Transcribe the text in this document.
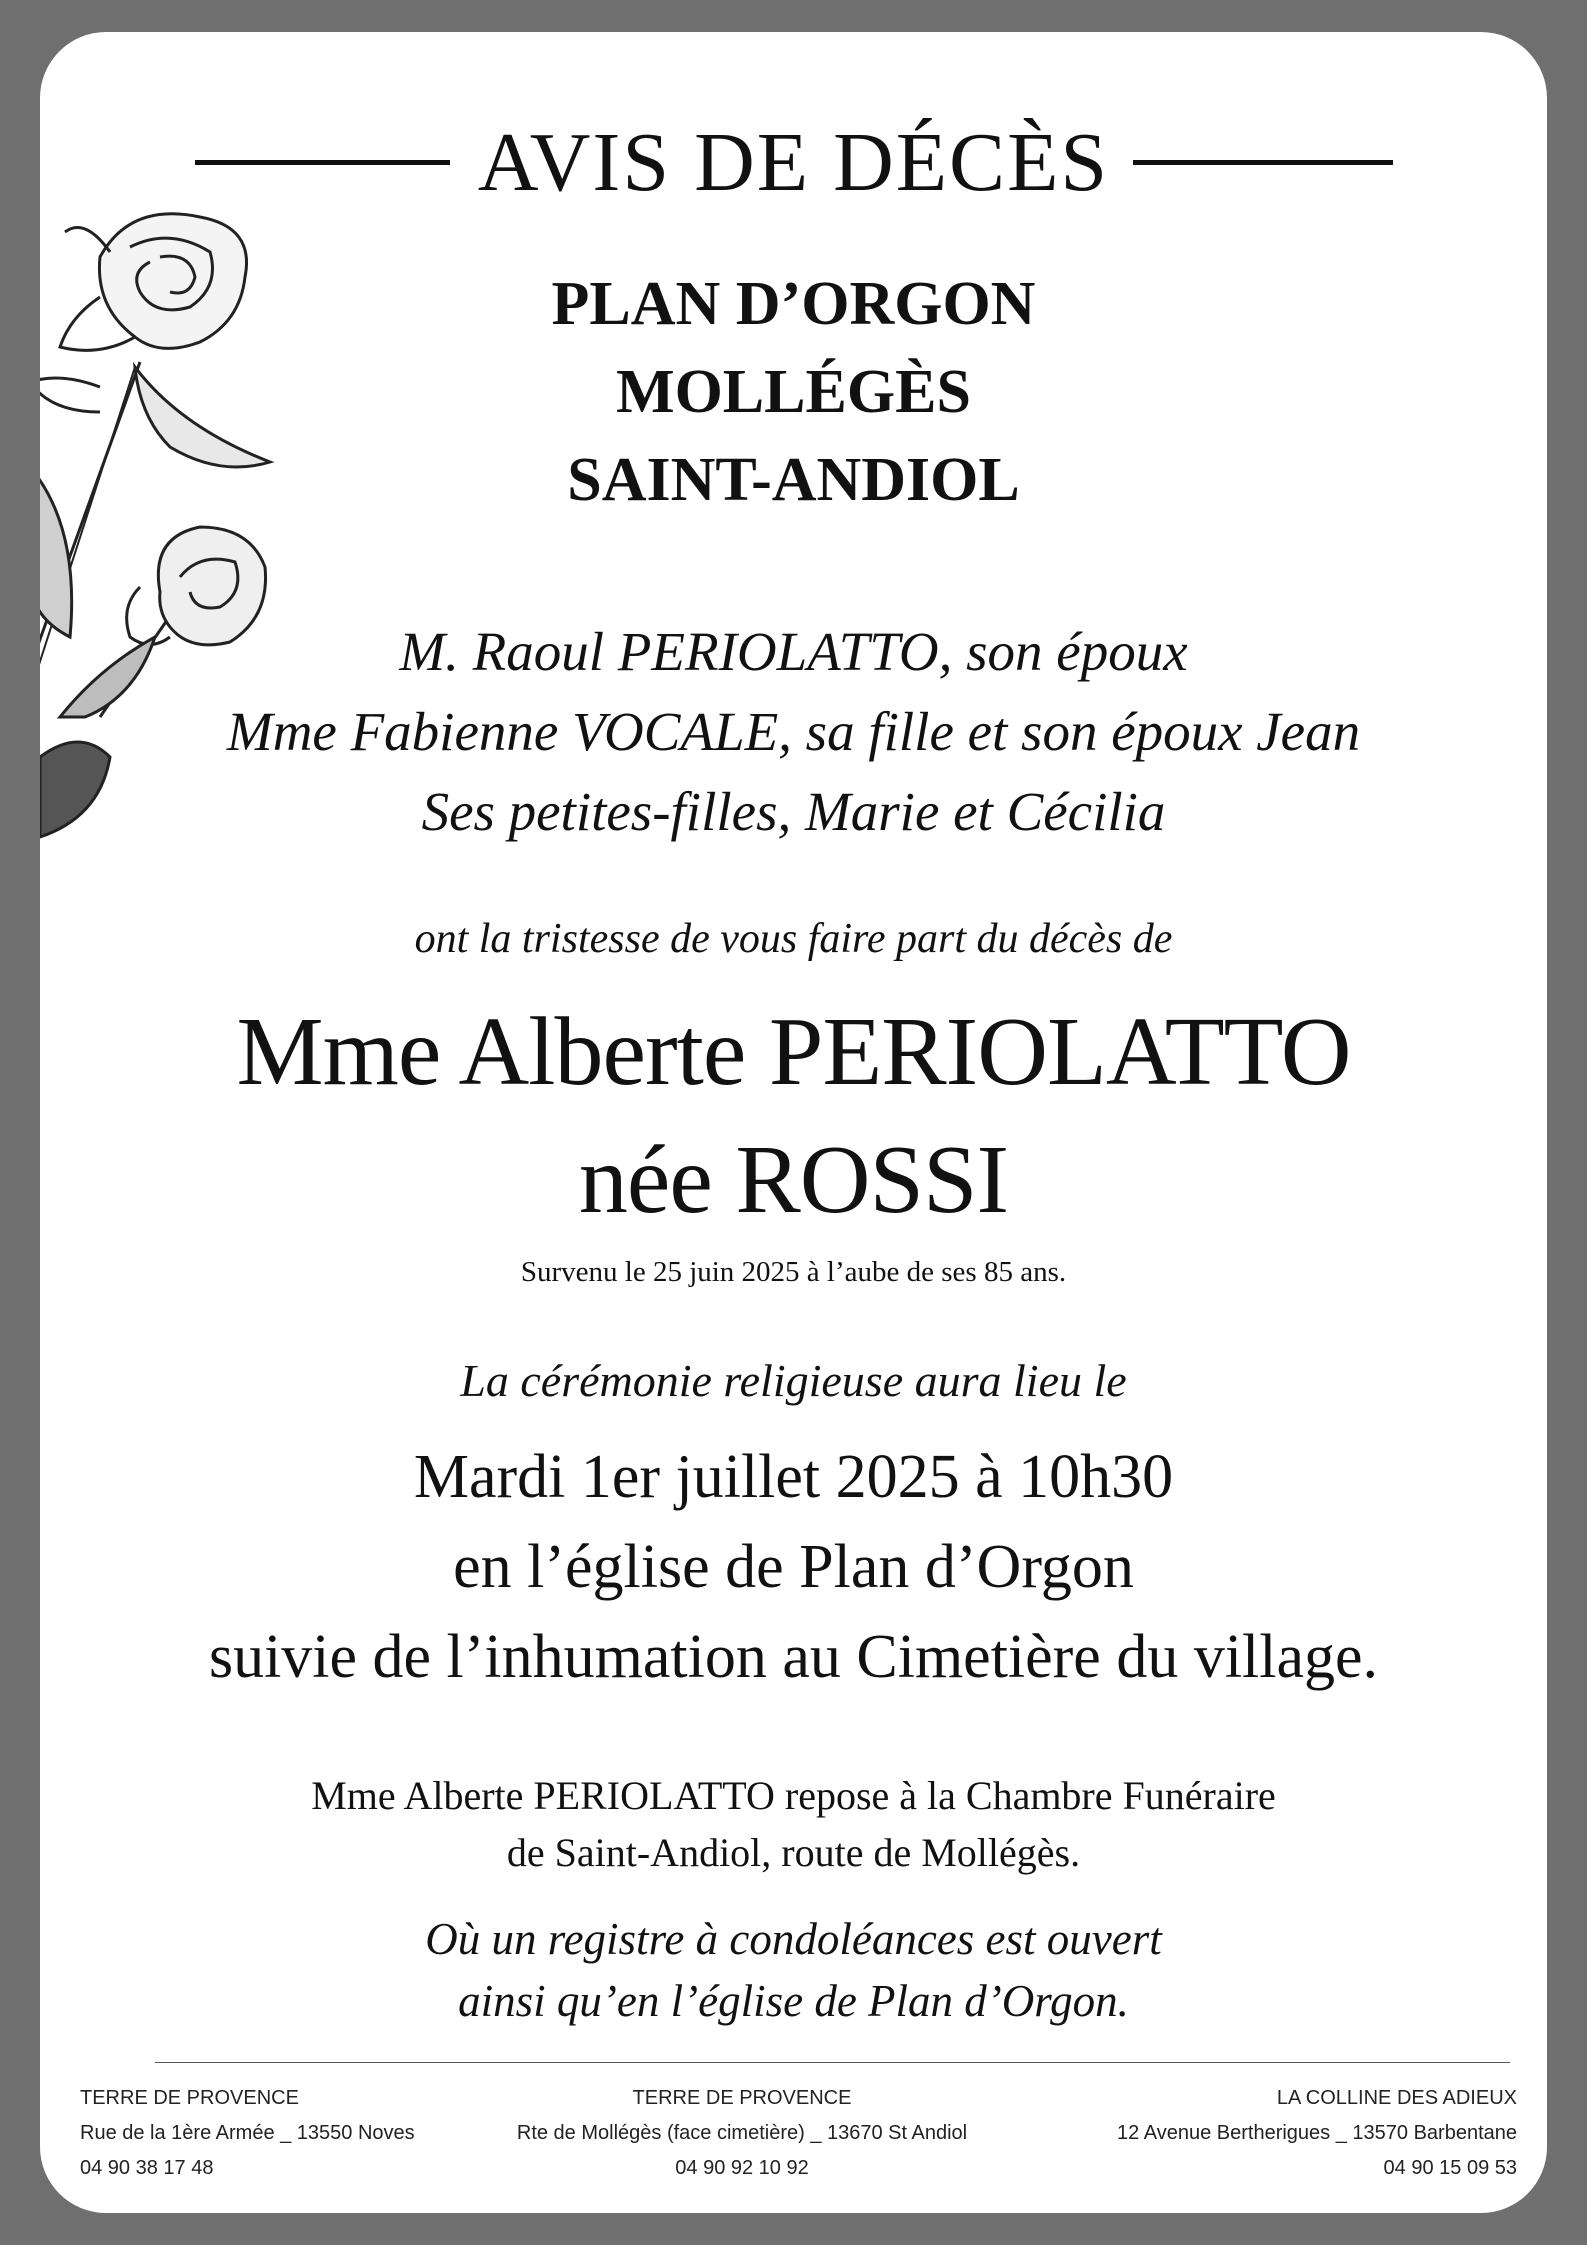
AVIS DE DÉCÈS
PLAN D’ORGON
MOLLÉGÈS
SAINT-ANDIOL
M. Raoul PERIOLATTO, son époux
Mme Fabienne VOCALE, sa fille et son époux Jean
Ses petites-filles, Marie et Cécilia
ont la tristesse de vous faire part du décès de
Mme Alberte PERIOLATTO
née ROSSI
Survenu le 25 juin 2025 à l’aube de ses 85 ans.
La cérémonie religieuse aura lieu le
Mardi 1er juillet 2025 à 10h30
en l’église de Plan d’Orgon
suivie de l’inhumation au Cimetière du village.
Mme Alberte PERIOLATTO repose à la Chambre Funéraire
de Saint-Andiol, route de Mollégès.
Où un registre à condoléances est ouvert
ainsi qu’en l’église de Plan d’Orgon.
TERRE DE PROVENCE
Rue de la 1ère Armée _ 13550 Noves
04 90 38 17 48
TERRE DE PROVENCE
Rte de Mollégès (face cimetière) _ 13670 St Andiol
04 90 92 10 92
LA COLLINE DES ADIEUX
12 Avenue Bertherigues _ 13570 Barbentane
04 90 15 09 53
